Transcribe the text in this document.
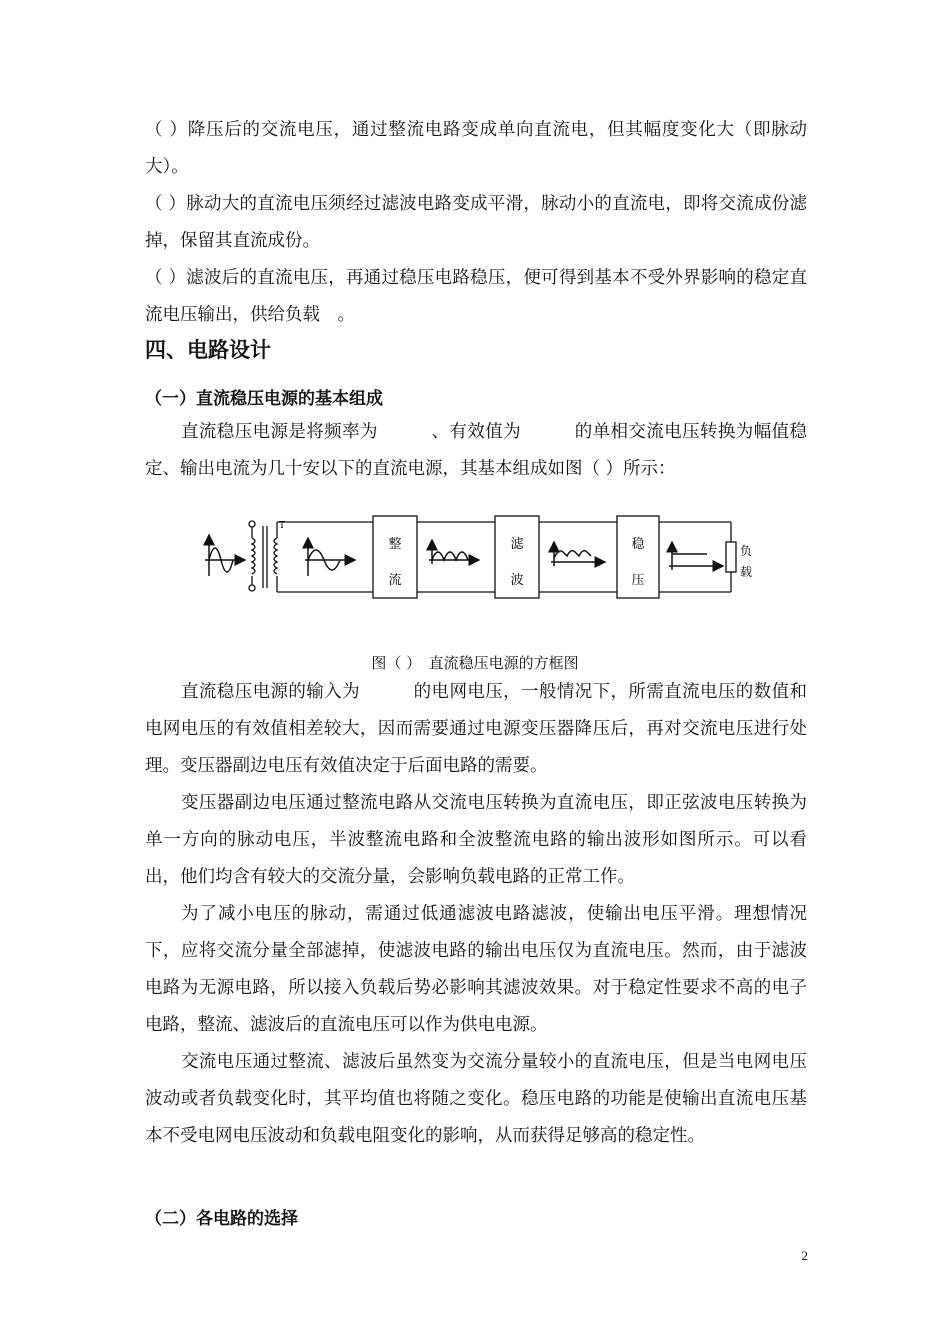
（ ）降压后的交流电压，通过整流电路变成单向直流电，但其幅度变化大（即脉动大）。

（ ）脉动大的直流电压须经过滤波电路变成平滑，脉动小的直流电，即将交流成份滤掉，保留其直流成份。

（ ）滤波后的直流电压，再通过稳压电路稳压，便可得到基本不受外界影响的稳定直流电压输出，供给负载　。

四、电路设计
（一）直流稳压电源的基本组成

直流稳压电源是将频率为　　　、有效值为　　　的单相交流电压转换为幅值稳定、输出电流为几十安以下的直流电源，其基本组成如图（ ）所示：

T
整
流
滤
波
稳
压
负
载

图（ ）　直流稳压电源的方框图

直流稳压电源的输入为　　　的电网电压，一般情况下，所需直流电压的数值和电网电压的有效值相差较大，因而需要通过电源变压器降压后，再对交流电压进行处理。变压器副边电压有效值决定于后面电路的需要。

变压器副边电压通过整流电路从交流电压转换为直流电压，即正弦波电压转换为单一方向的脉动电压，半波整流电路和全波整流电路的输出波形如图所示。可以看出，他们均含有较大的交流分量，会影响负载电路的正常工作。

为了减小电压的脉动，需通过低通滤波电路滤波，使输出电压平滑。理想情况下，应将交流分量全部滤掉，使滤波电路的输出电压仅为直流电压。然而，由于滤波电路为无源电路，所以接入负载后势必影响其滤波效果。对于稳定性要求不高的电子电路，整流、滤波后的直流电压可以作为供电电源。

交流电压通过整流、滤波后虽然变为交流分量较小的直流电压，但是当电网电压波动或者负载变化时，其平均值也将随之变化。稳压电路的功能是使输出直流电压基本不受电网电压波动和负载电阻变化的影响，从而获得足够高的稳定性。

（二）各电路的选择
2
